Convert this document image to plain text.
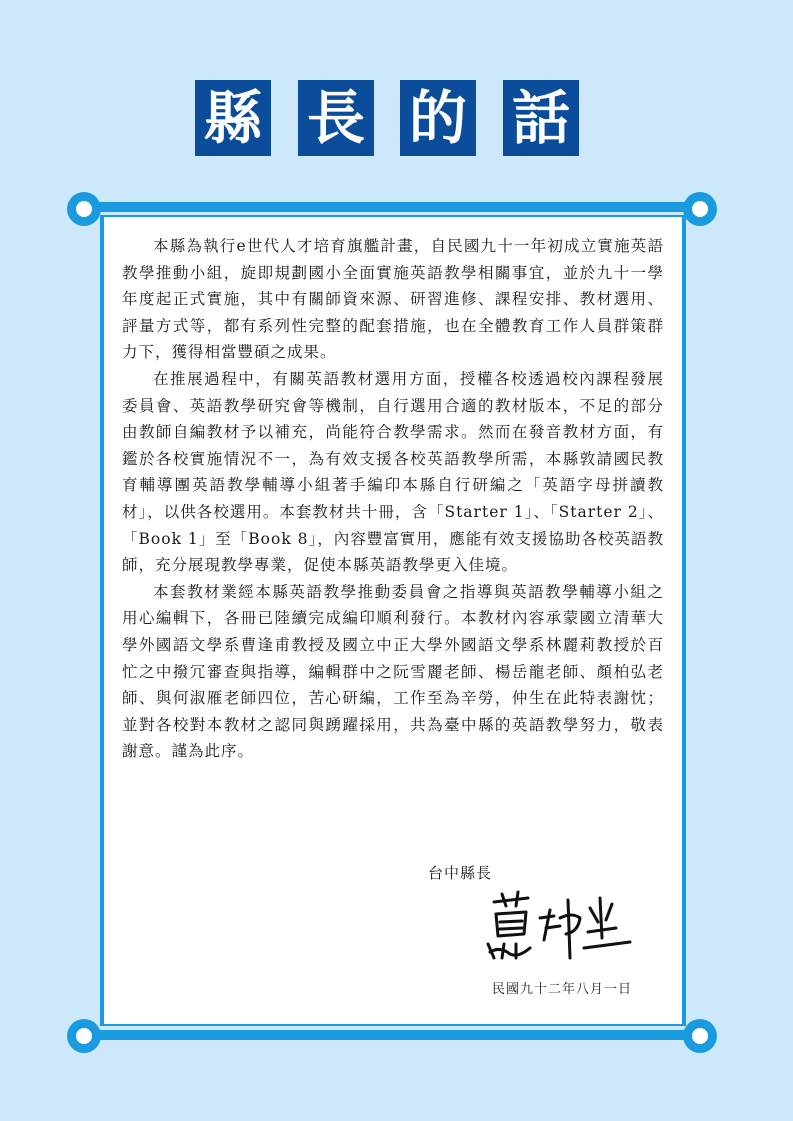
縣 長 的 話

本縣為執行e世代人才培育旗艦計畫，自民國九十一年初成立實施英語教學推動小組，旋即規劃國小全面實施英語教學相關事宜，並於九十一學年度起正式實施，其中有關師資來源、研習進修、課程安排、教材選用、評量方式等，都有系列性完整的配套措施，也在全體教育工作人員群策群力下，獲得相當豐碩之成果。

在推展過程中，有關英語教材選用方面，授權各校透過校內課程發展委員會、英語教學研究會等機制，自行選用合適的教材版本，不足的部分由教師自編教材予以補充，尚能符合教學需求。然而在發音教材方面，有鑑於各校實施情況不一，為有效支援各校英語教學所需，本縣敦請國民教育輔導團英語教學輔導小組著手編印本縣自行研編之「英語字母拼讀教材」，以供各校選用。本套教材共十冊，含「Starter 1」、「Starter 2」、「Book 1」至「Book 8」，內容豐富實用，應能有效支援協助各校英語教師，充分展現教學專業，促使本縣英語教學更入佳境。

本套教材業經本縣英語教學推動委員會之指導與英語教學輔導小組之用心編輯下，各冊已陸續完成編印順利發行。本教材內容承蒙國立清華大學外國語文學系曹逢甫教授及國立中正大學外國語文學系林麗莉教授於百忙之中撥冗審查與指導，編輯群中之阮雪麗老師、楊岳龍老師、顏柏弘老師、與何淑雁老師四位，苦心研編，工作至為辛勞，仲生在此特表謝忱；並對各校對本教材之認同與踴躍採用，共為臺中縣的英語教學努力，敬表謝意。謹為此序。

台中縣長
民國九十二年八月一日
